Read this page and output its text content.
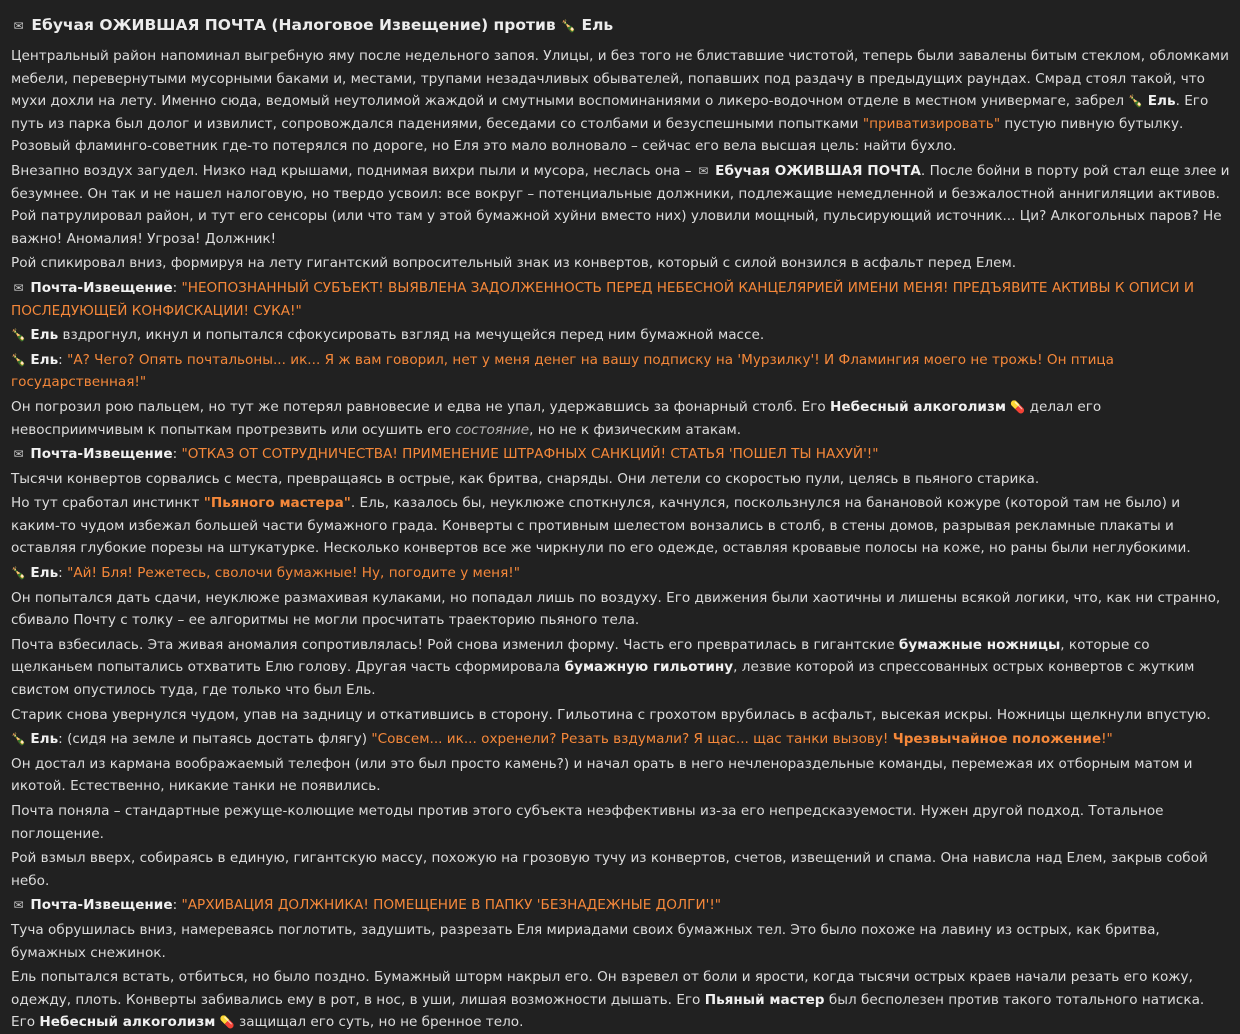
✉ Ебучая ОЖИВШАЯ ПОЧТА (Налоговое Извещение) против 🍾 Ель

Центральный район напоминал выгребную яму после недельного запоя. Улицы, и без того не блиставшие чистотой, теперь были завалены битым стеклом, обломками мебели, перевернутыми мусорными баками и, местами, трупами незадачливых обывателей, попавших под раздачу в предыдущих раундах. Смрад стоял такой, что мухи дохли на лету. Именно сюда, ведомый неутолимой жаждой и смутными воспоминаниями о ликеро-водочном отделе в местном универмаге, забрел 🍾 Ель. Его путь из парка был долог и извилист, сопровождался падениями, беседами со столбами и безуспешными попытками "приватизировать" пустую пивную бутылку. Розовый фламинго-советник где-то потерялся по дороге, но Еля это мало волновало – сейчас его вела высшая цель: найти бухло.

Внезапно воздух загудел. Низко над крышами, поднимая вихри пыли и мусора, неслась она – ✉ Ебучая ОЖИВШАЯ ПОЧТА. После бойни в порту рой стал еще злее и безумнее. Он так и не нашел налоговую, но твердо усвоил: все вокруг – потенциальные должники, подлежащие немедленной и безжалостной аннигиляции активов. Рой патрулировал район, и тут его сенсоры (или что там у этой бумажной хуйни вместо них) уловили мощный, пульсирующий источник... Ци? Алкогольных паров? Не важно! Аномалия! Угроза! Должник!

Рой спикировал вниз, формируя на лету гигантский вопросительный знак из конвертов, который с силой вонзился в асфальт перед Елем.

✉ Почта-Извещение: "НЕОПОЗНАННЫЙ СУБЪЕКТ! ВЫЯВЛЕНА ЗАДОЛЖЕННОСТЬ ПЕРЕД НЕБЕСНОЙ КАНЦЕЛЯРИЕЙ ИМЕНИ МЕНЯ! ПРЕДЪЯВИТЕ АКТИВЫ К ОПИСИ И ПОСЛЕДУЮЩЕЙ КОНФИСКАЦИИ! СУКА!"

🍾 Ель вздрогнул, икнул и попытался сфокусировать взгляд на мечущейся перед ним бумажной массе.

🍾 Ель: "А? Чего? Опять почтальоны... ик... Я ж вам говорил, нет у меня денег на вашу подписку на 'Мурзилку'! И Фламингия моего не трожь! Он птица государственная!"

Он погрозил рою пальцем, но тут же потерял равновесие и едва не упал, удержавшись за фонарный столб. Его Небесный алкоголизм 💊 делал его невосприимчивым к попыткам протрезвить или осушить его состояние, но не к физическим атакам.

✉ Почта-Извещение: "ОТКАЗ ОТ СОТРУДНИЧЕСТВА! ПРИМЕНЕНИЕ ШТРАФНЫХ САНКЦИЙ! СТАТЬЯ 'ПОШЕЛ ТЫ НАХУЙ'!"

Тысячи конвертов сорвались с места, превращаясь в острые, как бритва, снаряды. Они летели со скоростью пули, целясь в пьяного старика.

Но тут сработал инстинкт "Пьяного мастера". Ель, казалось бы, неуклюже споткнулся, качнулся, поскользнулся на банановой кожуре (которой там не было) и каким-то чудом избежал большей части бумажного града. Конверты с противным шелестом вонзались в столб, в стены домов, разрывая рекламные плакаты и оставляя глубокие порезы на штукатурке. Несколько конвертов все же чиркнули по его одежде, оставляя кровавые полосы на коже, но раны были неглубокими.

🍾 Ель: "Ай! Бля! Режетесь, сволочи бумажные! Ну, погодите у меня!"

Он попытался дать сдачи, неуклюже размахивая кулаками, но попадал лишь по воздуху. Его движения были хаотичны и лишены всякой логики, что, как ни странно, сбивало Почту с толку – ее алгоритмы не могли просчитать траекторию пьяного тела.

Почта взбесилась. Эта живая аномалия сопротивлялась! Рой снова изменил форму. Часть его превратилась в гигантские бумажные ножницы, которые со щелканьем попытались отхватить Елю голову. Другая часть сформировала бумажную гильотину, лезвие которой из спрессованных острых конвертов с жутким свистом опустилось туда, где только что был Ель.

Старик снова увернулся чудом, упав на задницу и откатившись в сторону. Гильотина с грохотом врубилась в асфальт, высекая искры. Ножницы щелкнули впустую.

🍾 Ель: (сидя на земле и пытаясь достать флягу) "Совсем... ик... охренели? Резать вздумали? Я щас... щас танки вызову! Чрезвычайное положение!"

Он достал из кармана воображаемый телефон (или это был просто камень?) и начал орать в него нечленораздельные команды, перемежая их отборным матом и икотой. Естественно, никакие танки не появились.

Почта поняла – стандартные режуще-колющие методы против этого субъекта неэффективны из-за его непредсказуемости. Нужен другой подход. Тотальное поглощение.

Рой взмыл вверх, собираясь в единую, гигантскую массу, похожую на грозовую тучу из конвертов, счетов, извещений и спама. Она нависла над Елем, закрыв собой небо.

✉ Почта-Извещение: "АРХИВАЦИЯ ДОЛЖНИКА! ПОМЕЩЕНИЕ В ПАПКУ 'БЕЗНАДЕЖНЫЕ ДОЛГИ'!"

Туча обрушилась вниз, намереваясь поглотить, задушить, разрезать Еля мириадами своих бумажных тел. Это было похоже на лавину из острых, как бритва, бумажных снежинок.

Ель попытался встать, отбиться, но было поздно. Бумажный шторм накрыл его. Он взревел от боли и ярости, когда тысячи острых краев начали резать его кожу, одежду, плоть. Конверты забивались ему в рот, в нос, в уши, лишая возможности дышать. Его Пьяный мастер был бесполезен против такого тотального натиска. Его Небесный алкоголизм 💊 защищал его суть, но не бренное тело.
